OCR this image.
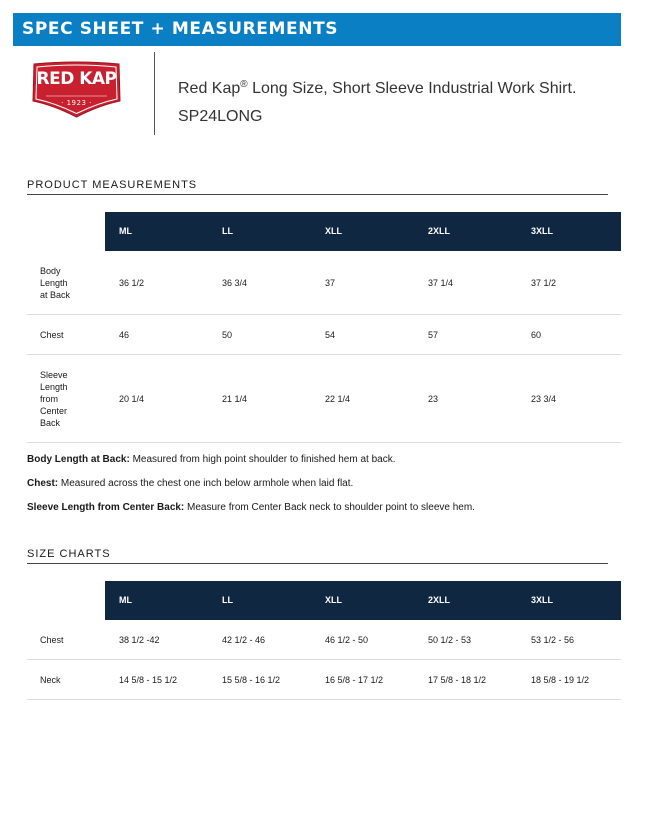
SPEC SHEET + MEASUREMENTS
RED KAP
· 1923 ·
Red Kap® Long Size, Short Sleeve Industrial Work Shirt.
SP24LONG
PRODUCT MEASUREMENTS
ML	LL	XLL	2XLL	3XLL
Body Length at Back
36 1/2	36 3/4	37	37 1/4	37 1/2
Chest	46	50	54	57	60
Sleeve Length from Center Back
20 1/4	21 1/4	22 1/4	23	23 3/4
Body Length at Back: Measured from high point shoulder to finished hem at back.
Chest: Measured across the chest one inch below armhole when laid flat.
Sleeve Length from Center Back: Measure from Center Back neck to shoulder point to sleeve hem.
SIZE CHARTS
ML	LL	XLL	2XLL	3XLL
Chest	38 1/2 -42	42 1/2 - 46	46 1/2 - 50	50 1/2 - 53	53 1/2 - 56
Neck	14 5/8 - 15 1/2	15 5/8 - 16 1/2	16 5/8 - 17 1/2	17 5/8 - 18 1/2	18 5/8 - 19 1/2
